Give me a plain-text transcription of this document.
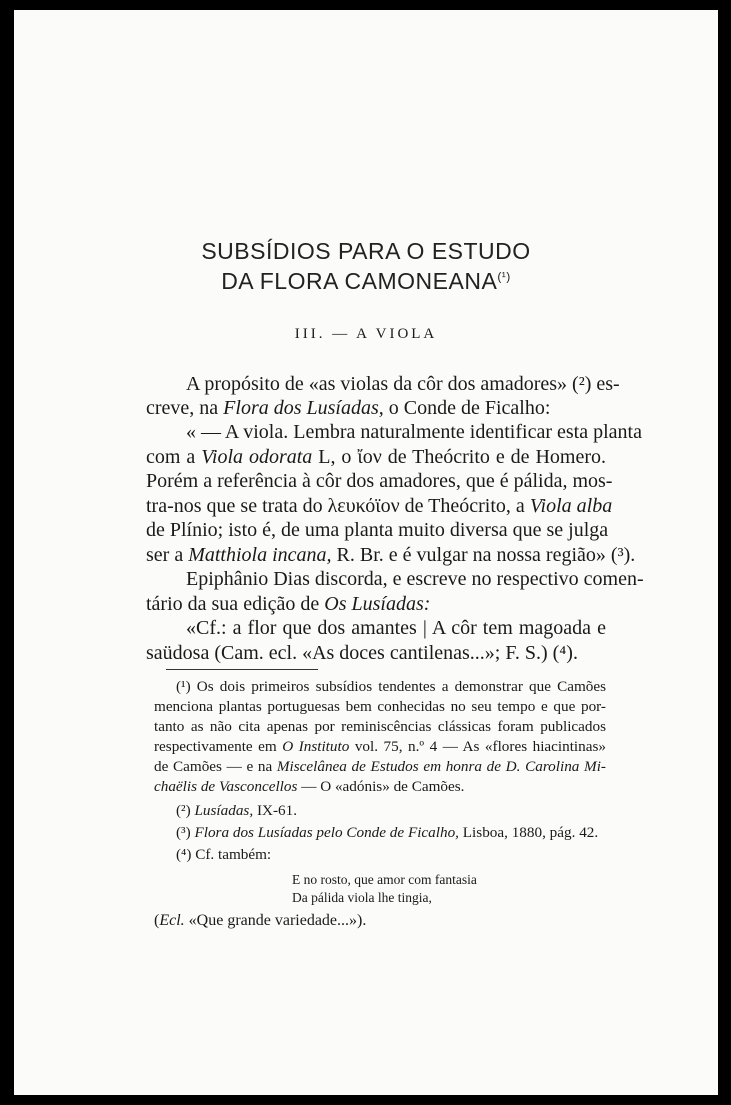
SUBSÍDIOS PARA O ESTUDO
DA FLORA $CAMONEANA^{(^1)}$
III. — A VIOLA
A propósito de «as violas da côr dos amadores» (²) es-
creve, na Flora dos Lusíadas, o Conde de Ficalho:
« — A viola. Lembra naturalmente identificar esta planta
com a Viola odorata L, o ἴον de Theócrito e de Homero.
Porém a referência à côr dos amadores, que é pálida, mos-
tra-nos que se trata do λευκόϊον de Theócrito, a Viola alba
de Plínio; isto é, de uma planta muito diversa que se julga
ser a Matthiola incana, R. Br. e é vulgar na nossa região» (³).
Epiphânio Dias discorda, e escreve no respectivo comen-
tário da sua edição de Os Lusíadas:
«Cf.: a flor que dos amantes | A côr tem magoada e
saüdosa (Cam. ecl. «As doces cantilenas...»; F. S.) (⁴).
(¹) Os dois primeiros subsídios tendentes a demonstrar que Camões
menciona plantas portuguesas bem conhecidas no seu tempo e que por-
tanto as não cita apenas por reminiscências clássicas foram publicados
respectivamente em O Instituto vol. 75, n.º 4 — As «flores hiacintinas»
de Camões — e na Miscelânea de Estudos em honra de D. Carolina Mi-
chaëlis de Vasconcellos — O «adónis» de Camões.
(²) Lusíadas, IX-61.
(³) Flora dos Lusíadas pelo Conde de Ficalho, Lisboa, 1880, pág. 42.
(⁴) Cf. também:
E no rosto, que amor com fantasia
Da pálida viola lhe tingia,
(Ecl. «Que grande variedade...»).
